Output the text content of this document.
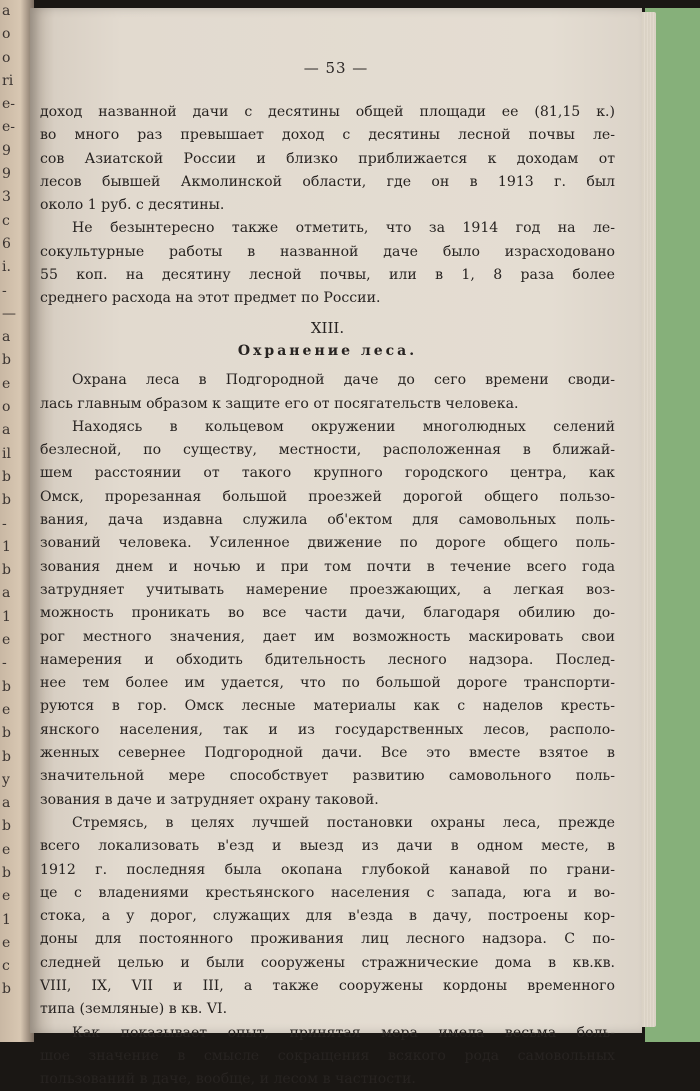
a
o
o
ri
e-
e-
9
9
3
c
6
i.
-
—
a
b
e
o
a
il
b
b
-
1
b
a
1
e
-
b
e
b
b
y
a
b
e
b
e
1
e
c
b
— 53 —
доход названной дачи с десятины общей площади ее (81,15 к.)
во много раз превышает доход с десятины лесной почвы ле-
сов Азиатской России и близко приближается к доходам от
лесов бывшей Акмолинской области, где он в 1913 г. был
около 1 руб. с десятины.
Не безынтересно также отметить, что за 1914 год на ле-
сокультурные работы в названной даче было израсходовано
55 коп. на десятину лесной почвы, или в 1, 8 раза более
среднего расхода на этот предмет по России.
XIII.
Охранение леса.
Охрана леса в Подгородной даче до сего времени своди-
лась главным образом к защите его от посягательств человека.
Находясь в кольцевом окружении многолюдных селений
безлесной, по существу, местности, расположенная в ближай-
шем расстоянии от такого крупного городского центра, как
Омск, прорезанная большой проезжей дорогой общего пользо-
вания, дача издавна служила об'ектом для самовольных поль-
зований человека. Усиленное движение по дороге общего поль-
зования днем и ночью и при том почти в течение всего года
затрудняет учитывать намерение проезжающих, а легкая воз-
можность проникать во все части дачи, благодаря обилию до-
рог местного значения, дает им возможность маскировать свои
намерения и обходить бдительность лесного надзора. Послед-
нее тем более им удается, что по большой дороге транспорти-
руются в гор. Омск лесные материалы как с наделов кресть-
янского населения, так и из государственных лесов, располо-
женных севернее Подгородной дачи. Все это вместе взятое в
значительной мере способствует развитию самовольного поль-
зования в даче и затрудняет охрану таковой.
Стремясь, в целях лучшей постановки охраны леса, прежде
всего локализовать в'езд и выезд из дачи в одном месте, в
1912 г. последняя была окопана глубокой канавой по грани-
це с владениями крестьянского населения с запада, юга и во-
стока, а у дорог, служащих для в'езда в дачу, построены кор-
доны для постоянного проживания лиц лесного надзора. С по-
следней целью и были сооружены стражнические дома в кв.кв.
VIII, IX, VII и III, а также сооружены кордоны временного
типа (земляные) в кв. VI.
Как показывает опыт, принятая мера имела весьма боль-
шое значение в смысле сокращения всякого рода самовольных
пользований в даче, вообще, и лесом в частности.
